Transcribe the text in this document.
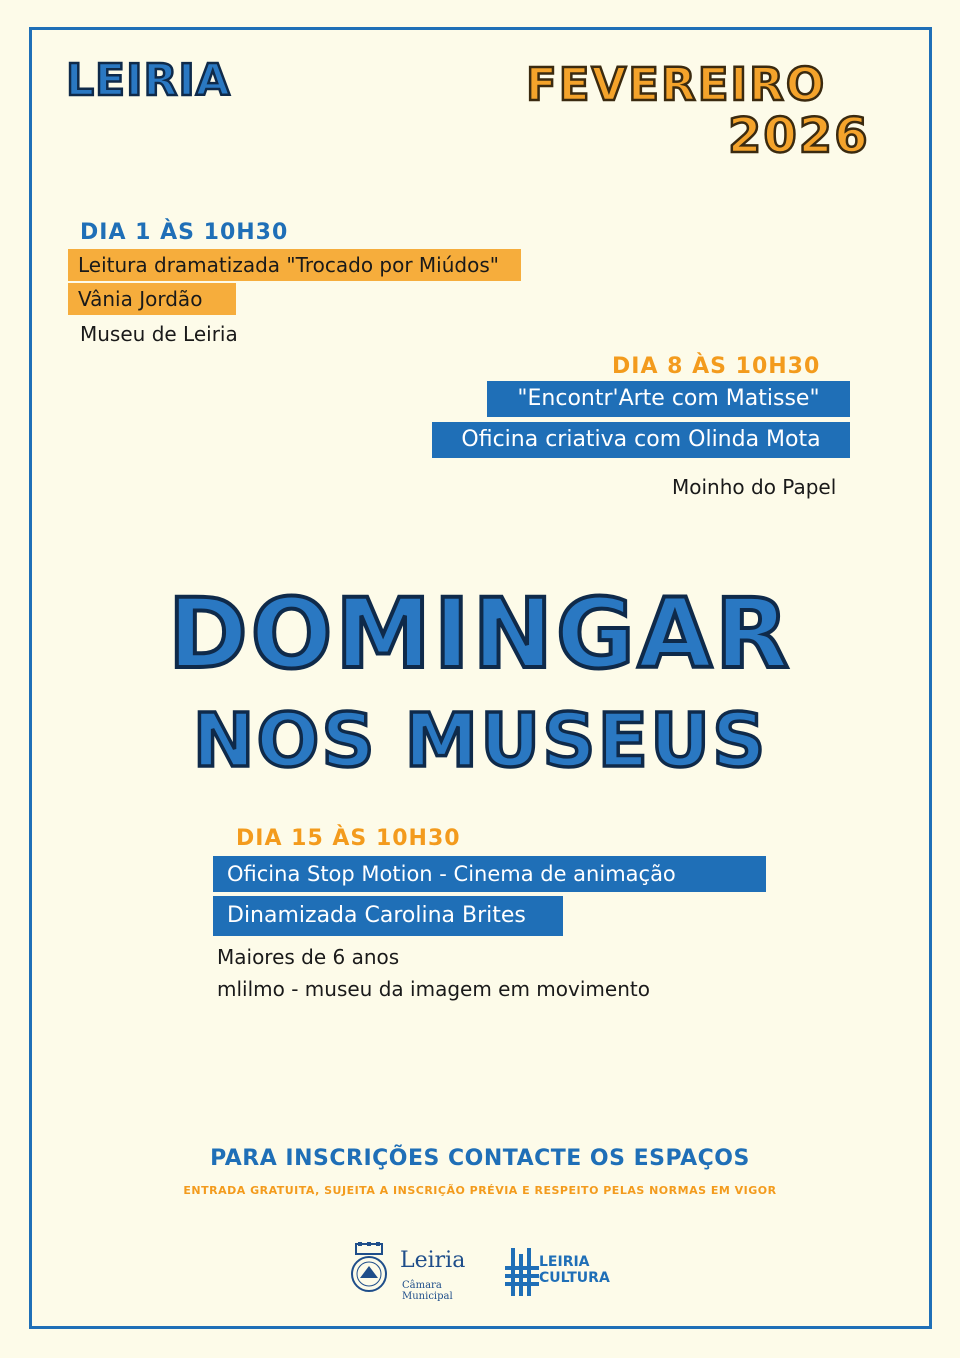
LEIRIA	FEVEREIRO
2026
DIA 1 ÀS 10H30
Leitura dramatizada "Trocado por Miúdos"
Vânia Jordão
Museu de Leiria
DIA 8 ÀS 10H30
"Encontr'Arte com Matisse"
Oficina criativa com Olinda Mota
Moinho do Papel
DOMINGAR
NOS MUSEUS
DIA 15 ÀS 10H30
Oficina Stop Motion - Cinema de animação
Dinamizada Carolina Brites
Maiores de 6 anos
mlilmo - museu da imagem em movimento
PARA INSCRIÇÕES CONTACTE OS ESPAÇOS
ENTRADA GRATUITA, SUJEITA A INSCRIÇÃO PRÉVIA E RESPEITO PELAS NORMAS EM VIGOR
Leiria
Câmara Municipal
LEIRIA
CULTURA
